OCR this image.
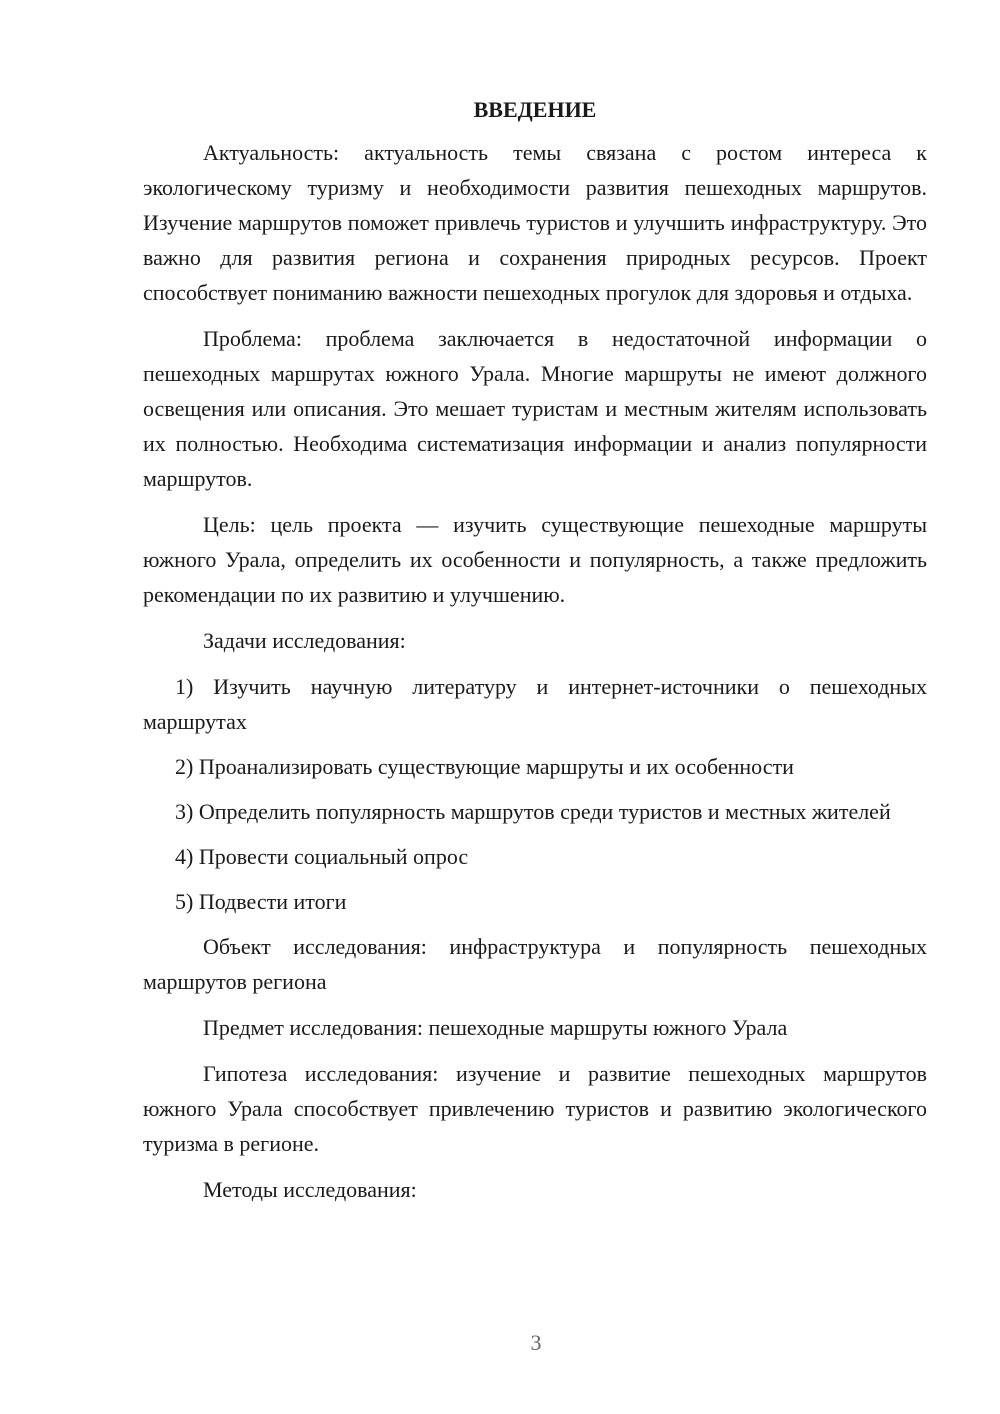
ВВЕДЕНИЕ

Актуальность: актуальность темы связана с ростом интереса к экологическому туризму и необходимости развития пешеходных маршрутов. Изучение маршрутов поможет привлечь туристов и улучшить инфраструктуру. Это важно для развития региона и сохранения природных ресурсов. Проект способствует пониманию важности пешеходных прогулок для здоровья и отдыха.

Проблема: проблема заключается в недостаточной информации о пешеходных маршрутах южного Урала. Многие маршруты не имеют должного освещения или описания. Это мешает туристам и местным жителям использовать их полностью. Необходима систематизация информации и анализ популярности маршрутов.

Цель: цель проекта — изучить существующие пешеходные маршруты южного Урала, определить их особенности и популярность, а также предложить рекомендации по их развитию и улучшению.

Задачи исследования:

1) Изучить научную литературу и интернет-источники о пешеходных маршрутах

2) Проанализировать существующие маршруты и их особенности

3) Определить популярность маршрутов среди туристов и местных жителей

4) Провести социальный опрос

5) Подвести итоги

Объект исследования: инфраструктура и популярность пешеходных маршрутов региона

Предмет исследования: пешеходные маршруты южного Урала

Гипотеза исследования: изучение и развитие пешеходных маршрутов южного Урала способствует привлечению туристов и развитию экологического туризма в регионе.

Методы исследования:

3
